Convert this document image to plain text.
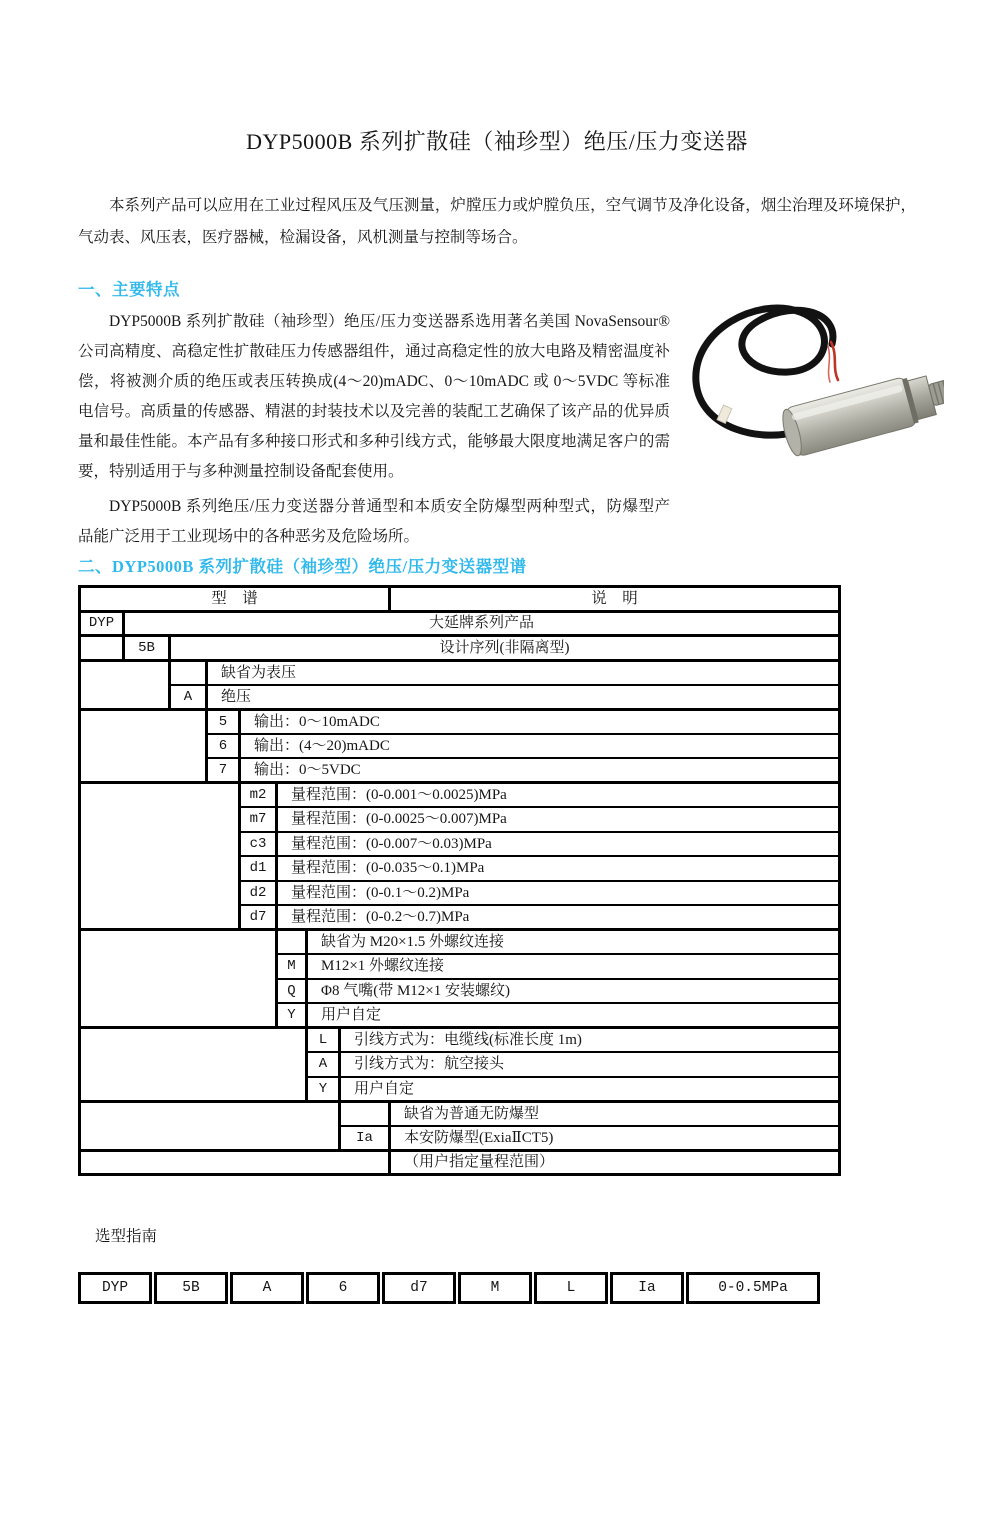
DYP5000B 系列扩散硅（袖珍型）绝压/压力变送器

本系列产品可以应用在工业过程风压及气压测量，炉膛压力或炉膛负压，空气调节及净化设备，烟尘治理及环境保护，气动表、风压表，医疗器械，检漏设备，风机测量与控制等场合。

一、主要特点

DYP5000B 系列扩散硅（袖珍型）绝压/压力变送器系选用著名美国 NovaSensour®公司高精度、高稳定性扩散硅压力传感器组件，通过高稳定性的放大电路及精密温度补偿，将被测介质的绝压或表压转换成(4～20)mADC、0～10mADC 或 0～5VDC 等标准电信号。高质量的传感器、精湛的封装技术以及完善的装配工艺确保了该产品的优异质量和最佳性能。本产品有多种接口形式和多种引线方式，能够最大限度地满足客户的需要，特别适用于与多种测量控制设备配套使用。

DYP5000B 系列绝压/压力变送器分普通型和本质安全防爆型两种型式，防爆型产品能广泛用于工业现场中的各种恶劣及危险场所。

二、DYP5000B 系列扩散硅（袖珍型）绝压/压力变送器型谱
型　谱								说　明
DYP	大延牌系列产品							
	5B	设计序列(非隔离型)						
			缺省为表压					
		A	绝压					
			5	输出：0～10mADC				
			6	输出：(4～20)mADC				
			7	输出：0～5VDC				
				m2	量程范围：(0-0.001～0.0025)MPa			
				m7	量程范围：(0-0.0025～0.007)MPa			
				c3	量程范围：(0-0.007～0.03)MPa			
				d1	量程范围：(0-0.035～0.1)MPa			
				d2	量程范围：(0-0.1～0.2)MPa			
				d7	量程范围：(0-0.2～0.7)MPa			
						缺省为 M20×1.5 外螺纹连接		
					M	M12×1 外螺纹连接		
					Q	Φ8 气嘴(带 M12×1 安装螺纹)		
					Y	用户自定		
						L	引线方式为：电缆线(标准长度 1m)	
						A	引线方式为：航空接头	
						Y	用户自定	
								缺省为普通无防爆型
							Ia	本安防爆型(ExiaⅡCT5)
								（用户指定量程范围）

选型指南

DYP	5B	A	6	d7	M	L	Ia	0-0.5MPa
